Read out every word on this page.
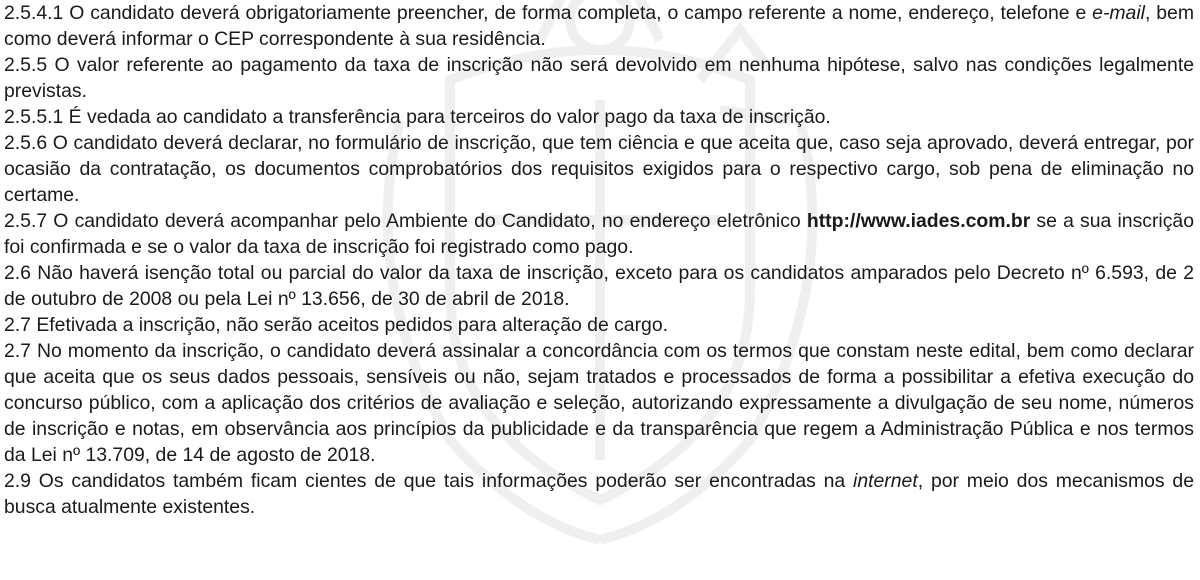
2.5.4.1 O candidato deverá obrigatoriamente preencher, de forma completa, o campo referente a nome, endereço, telefone e e-mail, bem como deverá informar o CEP correspondente à sua residência.

2.5.5 O valor referente ao pagamento da taxa de inscrição não será devolvido em nenhuma hipótese, salvo nas condições legalmente previstas.

2.5.5.1 É vedada ao candidato a transferência para terceiros do valor pago da taxa de inscrição.

2.5.6 O candidato deverá declarar, no formulário de inscrição, que tem ciência e que aceita que, caso seja aprovado, deverá entregar, por ocasião da contratação, os documentos comprobatórios dos requisitos exigidos para o respectivo cargo, sob pena de eliminação no certame.

2.5.7 O candidato deverá acompanhar pelo Ambiente do Candidato, no endereço eletrônico http://www.iades.com.br se a sua inscrição foi confirmada e se o valor da taxa de inscrição foi registrado como pago.

2.6 Não haverá isenção total ou parcial do valor da taxa de inscrição, exceto para os candidatos amparados pelo Decreto nº 6.593, de 2 de outubro de 2008 ou pela Lei nº 13.656, de 30 de abril de 2018.

2.7 Efetivada a inscrição, não serão aceitos pedidos para alteração de cargo.

2.7 No momento da inscrição, o candidato deverá assinalar a concordância com os termos que constam neste edital, bem como declarar que aceita que os seus dados pessoais, sensíveis ou não, sejam tratados e processados de forma a possibilitar a efetiva execução do concurso público, com a aplicação dos critérios de avaliação e seleção, autorizando expressamente a divulgação de seu nome, números de inscrição e notas, em observância aos princípios da publicidade e da transparência que regem a Administração Pública e nos termos da Lei nº 13.709, de 14 de agosto de 2018.

2.9 Os candidatos também ficam cientes de que tais informações poderão ser encontradas na internet, por meio dos mecanismos de busca atualmente existentes.
